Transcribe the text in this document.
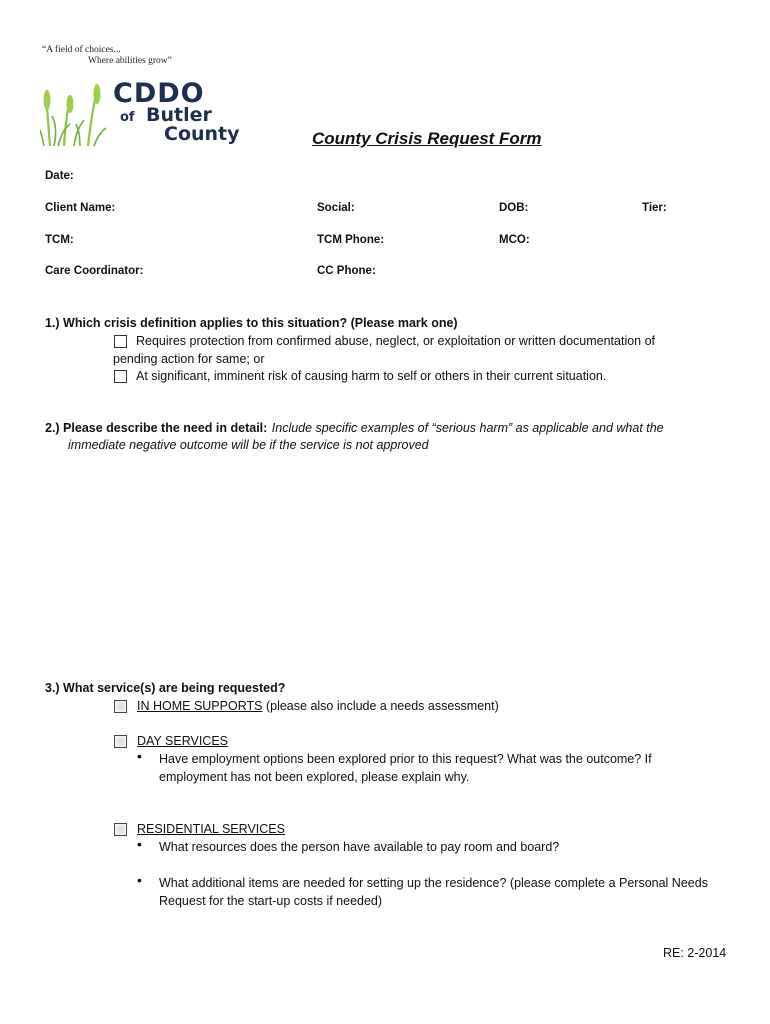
“A field of choices...
Where abilities grow”
CDDO
of Butler
County	County Crisis Request Form
Date:
Client Name:	Social:	DOB:	Tier:
TCM:	TCM Phone:	MCO:
Care Coordinator:	CC Phone:
1.) Which crisis definition applies to this situation? (Please mark one)
Requires protection from confirmed abuse, neglect, or exploitation or written documentation of
pending action for same; or
At significant, imminent risk of causing harm to self or others in their current situation.
2.) Please describe the need in detail: Include specific examples of “serious harm” as applicable and what the
immediate negative outcome will be if the service is not approved
3.) What service(s) are being requested?
IN HOME SUPPORTS (please also include a needs assessment)
DAY SERVICES
• Have employment options been explored prior to this request? What was the outcome? If
employment has not been explored, please explain why.
RESIDENTIAL SERVICES
• What resources does the person have available to pay room and board?
• What additional items are needed for setting up the residence? (please complete a Personal Needs
Request for the start-up costs if needed)
RE: 2-2014
